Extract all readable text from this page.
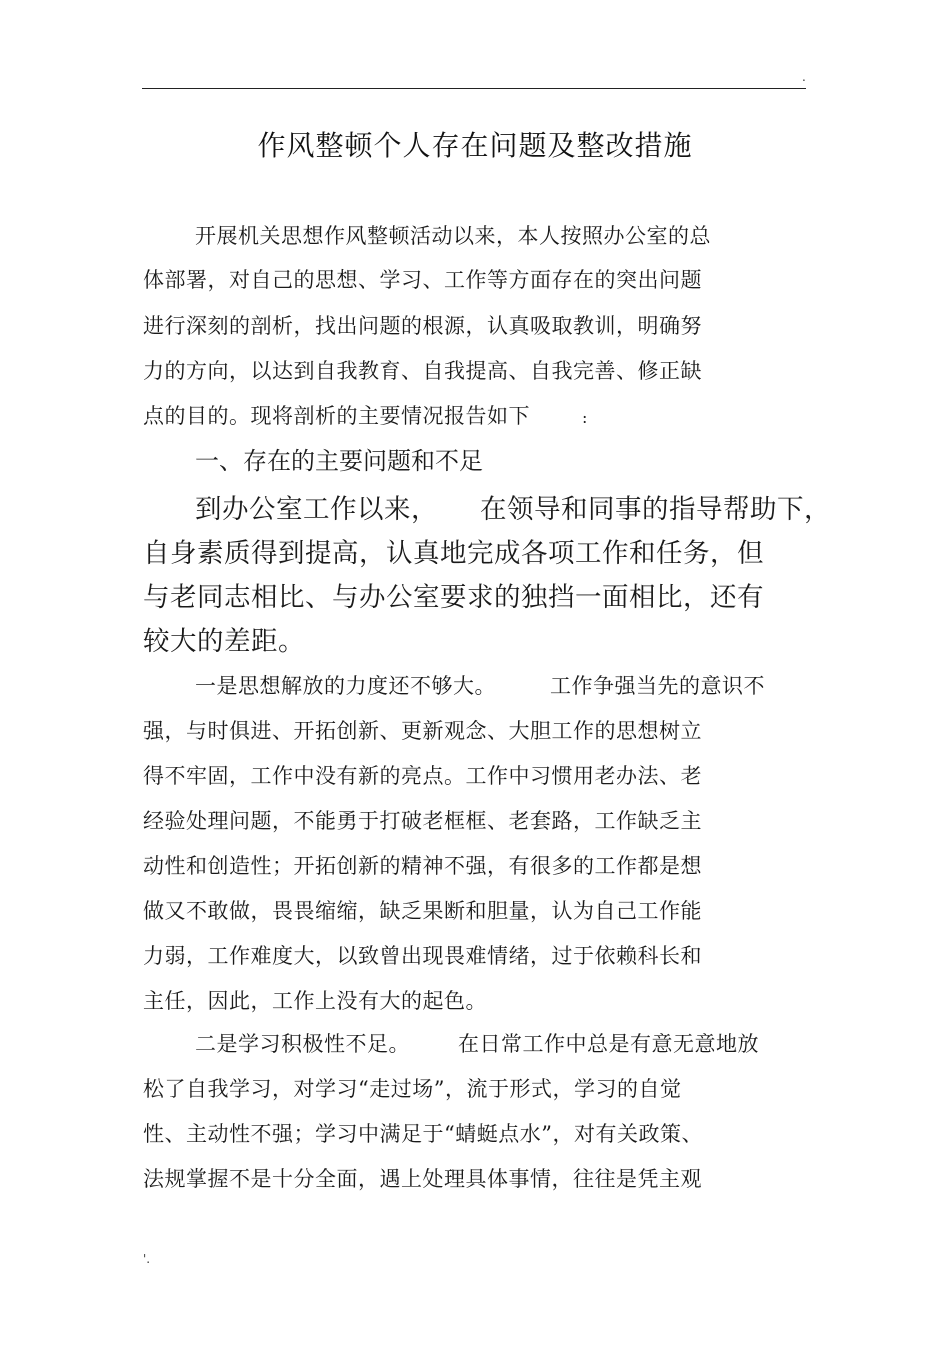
.
作风整顿个人存在问题及整改措施
开展机关思想作风整顿活动以来，本人按照办公室的总
体部署，对自己的思想、学习、工作等方面存在的突出问题
进行深刻的剖析，找出问题的根源，认真吸取教训，明确努
力的方向，以达到自我教育、自我提高、自我完善、修正缺
点的目的。现将剖析的主要情况报告如下	:
一、存在的主要问题和不足
到办公室工作以来， 在领导和同事的指导帮助下，
自身素质得到提高，认真地完成各项工作和任务，但
与老同志相比、与办公室要求的独挡一面相比，还有
较大的差距。
一是思想解放的力度还不够大。	工作争强当先的意识不
强，与时俱进、开拓创新、更新观念、大胆工作的思想树立
得不牢固，工作中没有新的亮点。工作中习惯用老办法、老
经验处理问题，不能勇于打破老框框、老套路，工作缺乏主
动性和创造性；开拓创新的精神不强，有很多的工作都是想
做又不敢做，畏畏缩缩，缺乏果断和胆量，认为自己工作能
力弱，工作难度大，以致曾出现畏难情绪，过于依赖科长和
主任，因此，工作上没有大的起色。
二是学习积极性不足。 在日常工作中总是有意无意地放
松了自我学习，对学习“走过场”，流于形式，学习的自觉
性、主动性不强；学习中满足于“蜻蜓点水”，对有关政策、
法规掌握不是十分全面，遇上处理具体事情，往往是凭主观
'.
